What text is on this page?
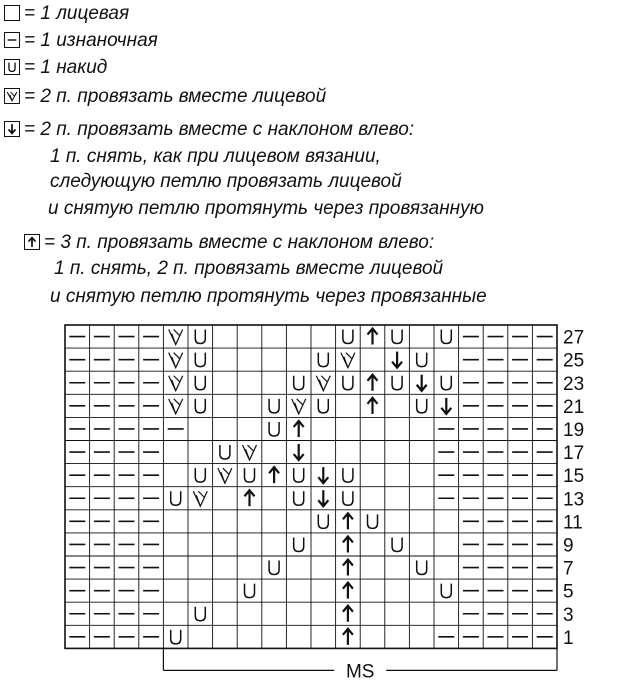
= 1 лицевая
= 1 изнаночная
= 1 накид
= 2 п. провязать вместе лицевой
= 2 п. провязать вместе с наклоном влево:
1 п. снять, как при лицевом вязании,
следующую петлю провязать лицевой
и снятую петлю протянуть через провязанную
= 3 п. провязать вместе с наклоном влево:
1 п. снять, 2 п. провязать вместе лицевой
и снятую петлю протянуть через провязанные
27
25
23
21
19
17
15
13
11
9
7
5
3
1
MS
